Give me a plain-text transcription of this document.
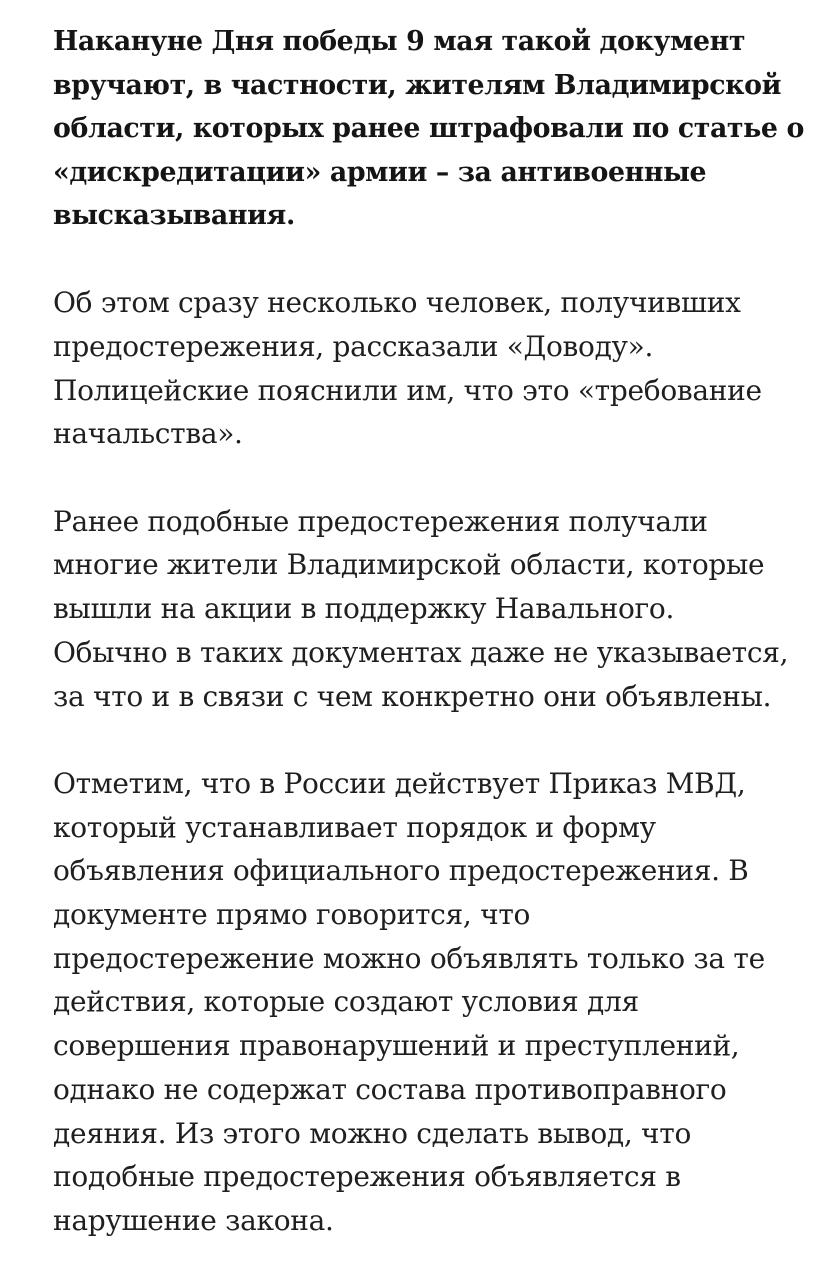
Накануне Дня победы 9 мая такой документ
вручают, в частности, жителям Владимирской
области, которых ранее штрафовали по статье о
«дискредитации» армии – за антивоенные
высказывания.

Об этом сразу несколько человек, получивших
предостережения, рассказали «Доводу».
Полицейские пояснили им, что это «требование
начальства».

Ранее подобные предостережения получали
многие жители Владимирской области, которые
вышли на акции в поддержку Навального.
Обычно в таких документах даже не указывается,
за что и в связи с чем конкретно они объявлены.

Отметим, что в России действует Приказ МВД,
который устанавливает порядок и форму
объявления официального предостережения. В
документе прямо говорится, что
предостережение можно объявлять только за те
действия, которые создают условия для
совершения правонарушений и преступлений,
однако не содержат состава противоправного
деяния. Из этого можно сделать вывод, что
подобные предостережения объявляется в
нарушение закона.
